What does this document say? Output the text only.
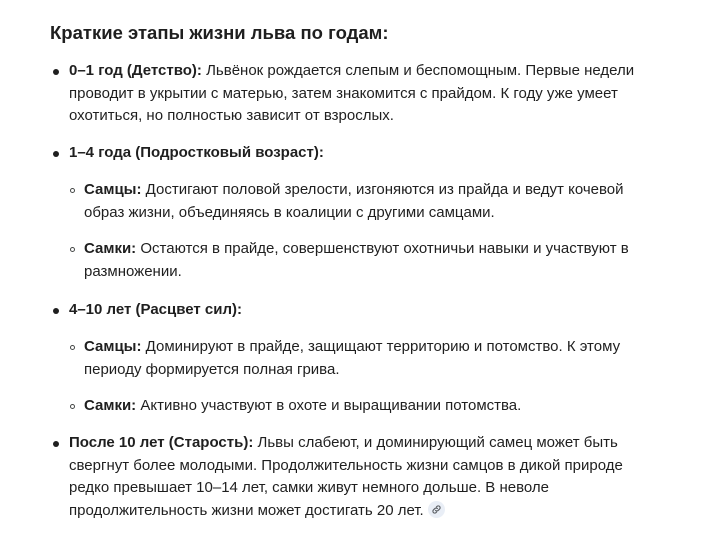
Краткие этапы жизни льва по годам:
0–1 год (Детство): Львёнок рождается слепым и беспомощным. Первые недели проводит в укрытии с матерью, затем знакомится с прайдом. К году уже умеет охотиться, но полностью зависит от взрослых.
1–4 года (Подростковый возраст):
Самцы: Достигают половой зрелости, изгоняются из прайда и ведут кочевой образ жизни, объединяясь в коалиции с другими самцами.
Самки: Остаются в прайде, совершенствуют охотничьи навыки и участвуют в размножении.
4–10 лет (Расцвет сил):
Самцы: Доминируют в прайде, защищают территорию и потомство. К этому периоду формируется полная грива.
Самки: Активно участвуют в охоте и выращивании потомства.
После 10 лет (Старость): Львы слабеют, и доминирующий самец может быть свергнут более молодыми. Продолжительность жизни самцов в дикой природе редко превышает 10–14 лет, самки живут немного дольше. В неволе продолжительность жизни может достигать 20 лет.
